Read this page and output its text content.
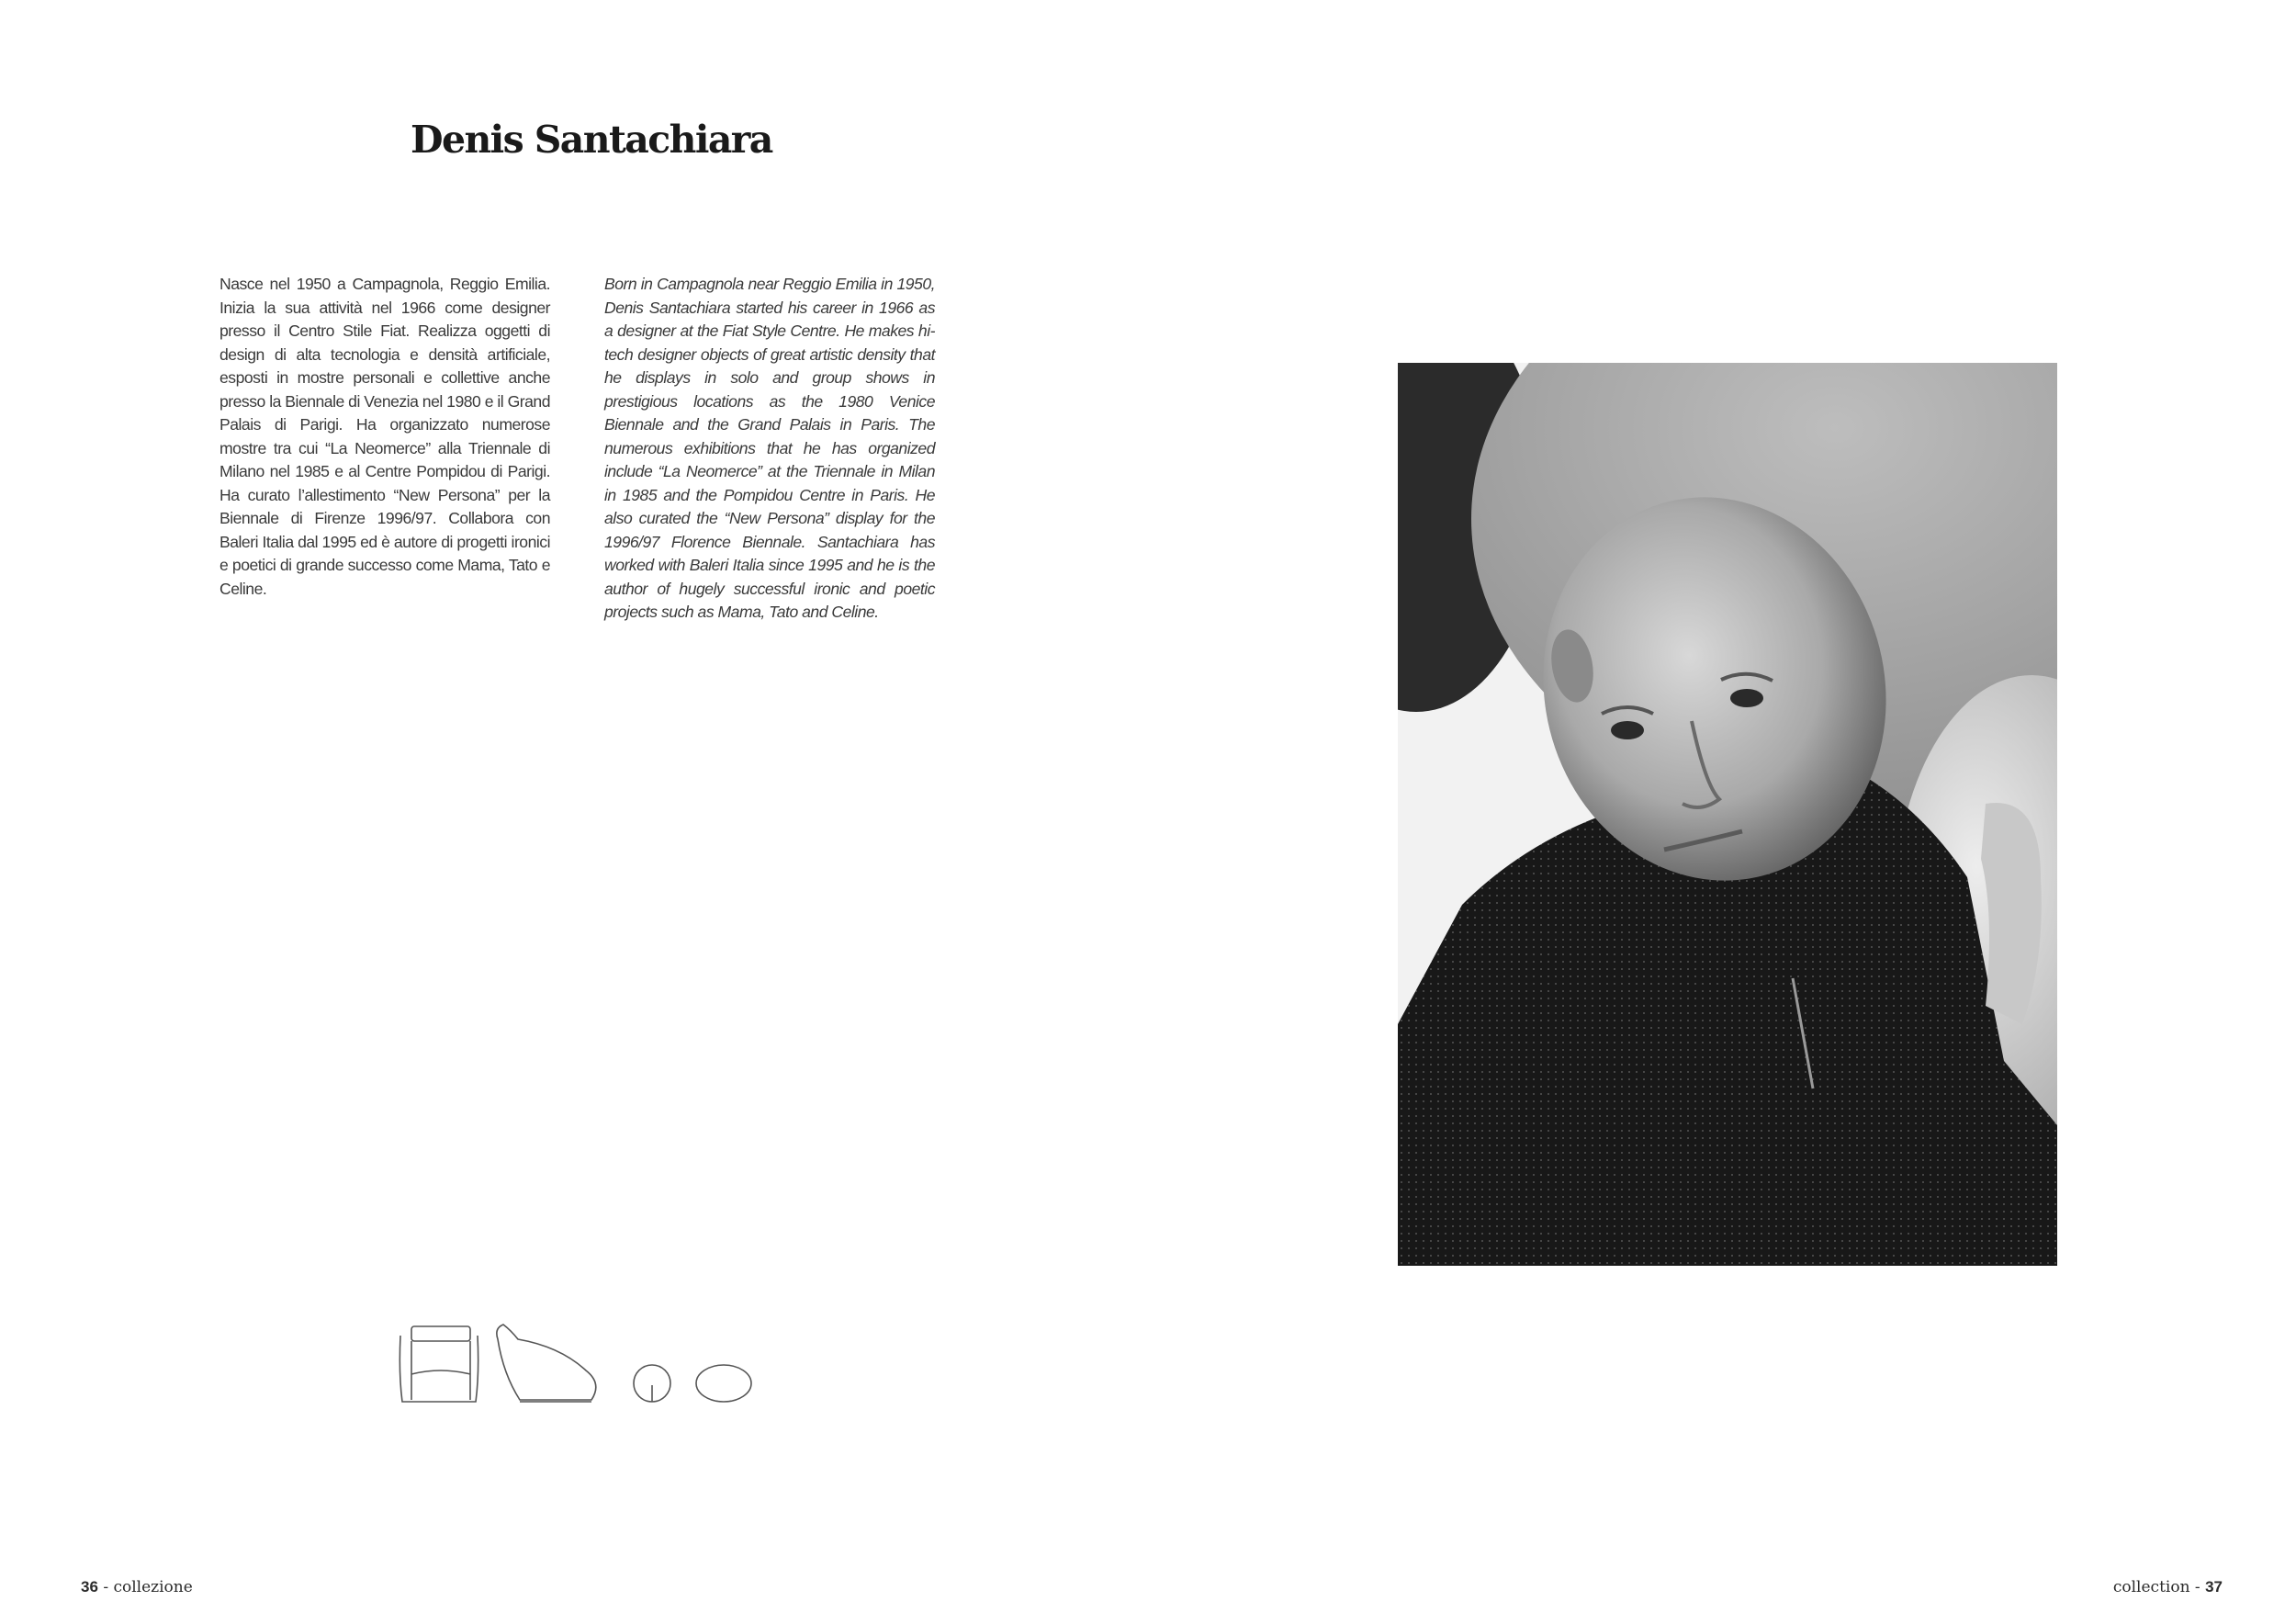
Denis Santachiara

Nasce nel 1950 a Campagnola, Reggio Emilia. Inizia la sua attività nel 1966 come designer presso il Centro Stile Fiat. Realizza oggetti di design di alta tecnologia e densità artificiale, esposti in mostre personali e collettive anche presso la Biennale di Venezia nel 1980 e il Grand Palais di Parigi. Ha organizzato numerose mostre tra cui “La Neomerce” alla Triennale di Milano nel 1985 e al Centre Pompidou di Parigi. Ha curato l’allestimento “New Persona” per la Biennale di Firenze 1996/97. Collabora con Baleri Italia dal 1995 ed è autore di progetti ironici e poetici di grande successo come Mama, Tato e Celine.

Born in Campagnola near Reggio Emilia in 1950, Denis Santachiara started his career in 1966 as a designer at the Fiat Style Centre. He makes hi-tech designer objects of great artistic density that he displays in solo and group shows in prestigious locations as the 1980 Venice Biennale and the Grand Palais in Paris. The numerous exhibitions that he has organized include “La Neomerce” at the Triennale in Milan in 1985 and the Pompidou Centre in Paris. He also curated the “New Persona” display for the 1996/97 Florence Biennale. Santachiara has worked with Baleri Italia since 1995 and he is the author of hugely successful ironic and poetic projects such as Mama, Tato and Celine.

36 - collezione	collection - 37
